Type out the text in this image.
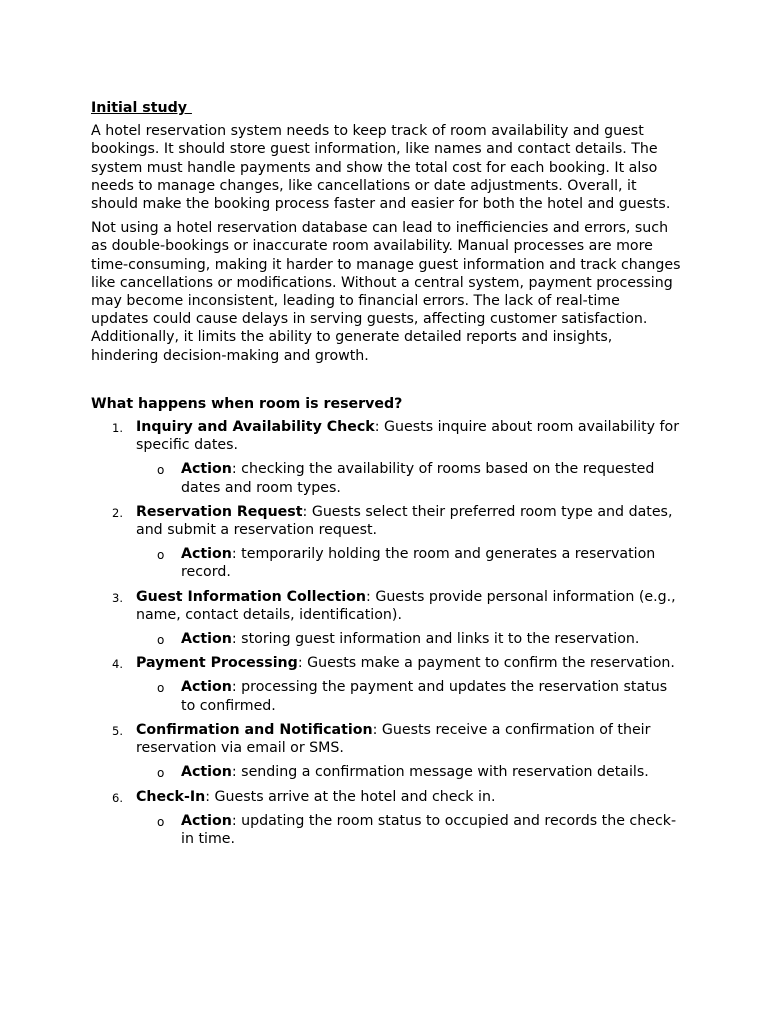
Initial study

A hotel reservation system needs to keep track of room availability and guest bookings. It should store guest information, like names and contact details. The system must handle payments and show the total cost for each booking. It also needs to manage changes, like cancellations or date adjustments. Overall, it should make the booking process faster and easier for both the hotel and guests.

Not using a hotel reservation database can lead to inefficiencies and errors, such as double-bookings or inaccurate room availability. Manual processes are more time-consuming, making it harder to manage guest information and track changes like cancellations or modifications. Without a central system, payment processing may become inconsistent, leading to financial errors. The lack of real-time updates could cause delays in serving guests, affecting customer satisfaction. Additionally, it limits the ability to generate detailed reports and insights, hindering decision-making and growth.

What happens when room is reserved?
1. Inquiry and Availability Check: Guests inquire about room availability for specific dates.
o Action: checking the availability of rooms based on the requested dates and room types.
2. Reservation Request: Guests select their preferred room type and dates, and submit a reservation request.
o Action: temporarily holding the room and generates a reservation record.
3. Guest Information Collection: Guests provide personal information (e.g., name, contact details, identification).
o Action: storing guest information and links it to the reservation.
4. Payment Processing: Guests make a payment to confirm the reservation.
o Action: processing the payment and updates the reservation status to confirmed.
5. Confirmation and Notification: Guests receive a confirmation of their reservation via email or SMS.
o Action: sending a confirmation message with reservation details.
6. Check-In: Guests arrive at the hotel and check in.
o Action: updating the room status to occupied and records the check-in time.
